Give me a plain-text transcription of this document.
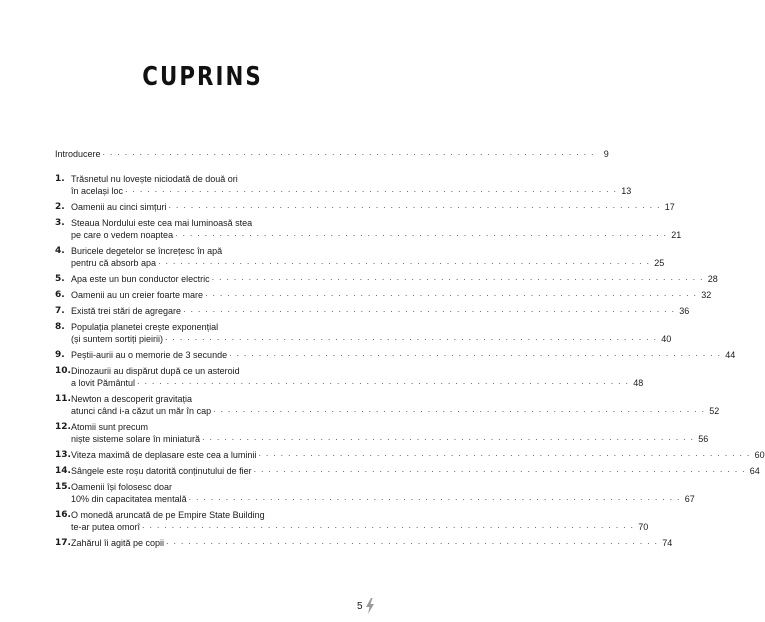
CUPRINS
Introducere . . . . . . . . . . . . . . . . . . . . . . . . . . . . . . . . . . . . . . . . . . . . . . . . . . . . . . . . . . . . . . . . . . . 9
1. Trăsnetul nu lovește niciodată de două ori
în același loc . . . . . . . . . . . . . . . . . . . . . . . . . . . . . . . . . . . . . . . . . . . . . . . . . . . . . . . . . . . . . . . . . . . 13
2. Oamenii au cinci simțuri . . . . . . . . . . . . . . . . . . . . . . . . . . . . . . . . . . . . . . . . . . . . . . . . . . . . . . . . . . . . . . . . . . . 17
3. Steaua Nordului este cea mai luminoasă stea
pe care o vedem noaptea . . . . . . . . . . . . . . . . . . . . . . . . . . . . . . . . . . . . . . . . . . . . . . . . . . . . . . . . . . . . . . . . . . . 21
4. Buricele degetelor se încrețesc în apă
pentru că absorb apa . . . . . . . . . . . . . . . . . . . . . . . . . . . . . . . . . . . . . . . . . . . . . . . . . . . . . . . . . . . . . . . . . . . 25
5. Apa este un bun conductor electric . . . . . . . . . . . . . . . . . . . . . . . . . . . . . . . . . . . . . . . . . . . . . . . . . . . . . . . . . . . . . . . . . . . 28
6. Oamenii au un creier foarte mare . . . . . . . . . . . . . . . . . . . . . . . . . . . . . . . . . . . . . . . . . . . . . . . . . . . . . . . . . . . . . . . . . . . 32
7. Există trei stări de agregare . . . . . . . . . . . . . . . . . . . . . . . . . . . . . . . . . . . . . . . . . . . . . . . . . . . . . . . . . . . . . . . . . . . 36
8. Populația planetei crește exponențial
(și suntem sortiți pieirii) . . . . . . . . . . . . . . . . . . . . . . . . . . . . . . . . . . . . . . . . . . . . . . . . . . . . . . . . . . . . . . . . . . . 40
9. Peștii-aurii au o memorie de 3 secunde . . . . . . . . . . . . . . . . . . . . . . . . . . . . . . . . . . . . . . . . . . . . . . . . . . . . . . . . . . . . . . . . . . . 44
10. Dinozaurii au dispărut după ce un asteroid
a lovit Pământul . . . . . . . . . . . . . . . . . . . . . . . . . . . . . . . . . . . . . . . . . . . . . . . . . . . . . . . . . . . . . . . . . . . 48
11. Newton a descoperit gravitația
atunci când i-a căzut un măr în cap . . . . . . . . . . . . . . . . . . . . . . . . . . . . . . . . . . . . . . . . . . . . . . . . . . . . . . . . . . . . . . . . . . . 52
12. Atomii sunt precum
niște sisteme solare în miniatură . . . . . . . . . . . . . . . . . . . . . . . . . . . . . . . . . . . . . . . . . . . . . . . . . . . . . . . . . . . . . . . . . . . 56
13. Viteza maximă de deplasare este cea a luminii . . . . . . . . . . . . . . . . . . . . . . . . . . . . . . . . . . . . . . . . . . . . . . . . . . . . . . . . . . . . . . . . . . . 60
14. Sângele este roșu datorită conținutului de fier . . . . . . . . . . . . . . . . . . . . . . . . . . . . . . . . . . . . . . . . . . . . . . . . . . . . . . . . . . . . . . . . . . . 64
15. Oamenii își folosesc doar
10% din capacitatea mentală . . . . . . . . . . . . . . . . . . . . . . . . . . . . . . . . . . . . . . . . . . . . . . . . . . . . . . . . . . . . . . . . . . . 67
16. O monedă aruncată de pe Empire State Building
te-ar putea omorî . . . . . . . . . . . . . . . . . . . . . . . . . . . . . . . . . . . . . . . . . . . . . . . . . . . . . . . . . . . . . . . . . . . 70
17. Zahărul îi agită pe copii . . . . . . . . . . . . . . . . . . . . . . . . . . . . . . . . . . . . . . . . . . . . . . . . . . . . . . . . . . . . . . . . . . . 74
5
